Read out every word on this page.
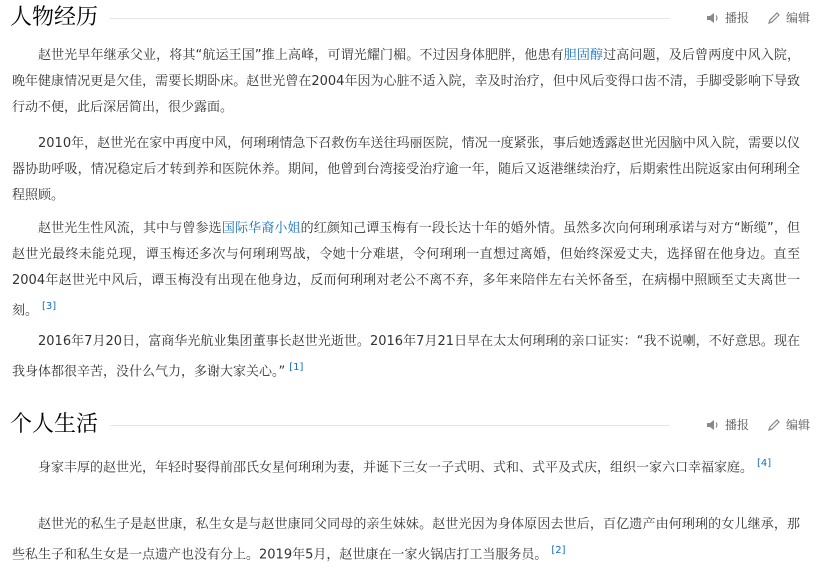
人物经历	播报	编辑

赵世光早年继承父业，将其“航运王国”推上高峰，可谓光耀门楣。不过因身体肥胖，他患有胆固醇过高问题，及后曾两度中风入院，晚年健康情况更是欠佳，需要长期卧床。赵世光曾在2004年因为心脏不适入院，幸及时治疗，但中风后变得口齿不清，手脚受影响下导致行动不便，此后深居简出，很少露面。

2010年，赵世光在家中再度中风，何琍琍情急下召救伤车送往玛丽医院，情况一度紧张，事后她透露赵世光因脑中风入院，需要以仪器协助呼吸，情况稳定后才转到养和医院休养。期间，他曾到台湾接受治疗逾一年，随后又返港继续治疗，后期索性出院返家由何琍琍全程照顾。

赵世光生性风流，其中与曾参选国际华裔小姐的红颜知己谭玉梅有一段长达十年的婚外情。虽然多次向何琍琍承诺与对方“断缆”，但赵世光最终未能兑现，谭玉梅还多次与何琍琍骂战，令她十分难堪，令何琍琍一直想过离婚，但始终深爱丈夫，选择留在他身边。直至2004年赵世光中风后，谭玉梅没有出现在他身边，反而何琍琍对老公不离不弃，多年来陪伴左右关怀备至，在病榻中照顾至丈夫离世一刻。 [3]

2016年7月20日，富商华光航业集团董事长赵世光逝世。2016年7月21日早在太太何琍琍的亲口证实：“我不说喇，不好意思。现在我身体都很辛苦，没什么气力，多谢大家关心。” [1]

个人生活	播报	编辑

身家丰厚的赵世光，年轻时娶得前邵氏女星何琍琍为妻，并诞下三女一子式明、式和、式平及式庆，组织一家六口幸福家庭。 [4]

赵世光的私生子是赵世康，私生女是与赵世康同父同母的亲生妹妹。赵世光因为身体原因去世后，百亿遗产由何琍琍的女儿继承，那些私生子和私生女是一点遗产也没有分上。2019年5月，赵世康在一家火锅店打工当服务员。 [2]
